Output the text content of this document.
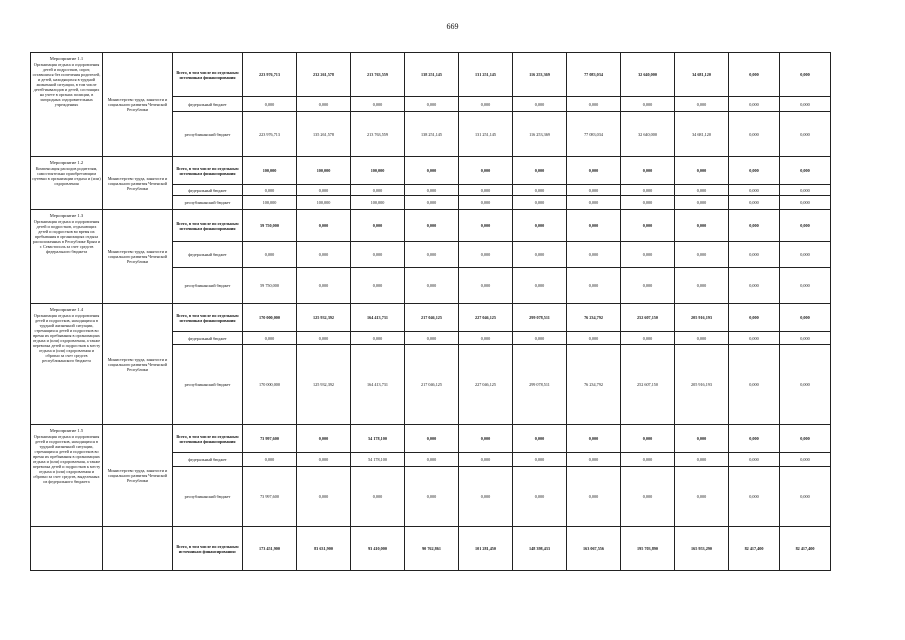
669
Мероприятие 1.1
Организация отдыха и оздоровления детей и подростков, сирот, оставшихся без попечения родителей, и детей, находящихся в трудной жизненной ситуации, в том числе детей-инвалидов и детей, состоящих на учете в органах полиции, в загородных оздоровительных учреждениях	Министерство труда, занятости и социального развития Чеченской Республики	Всего, в том числе по отдельным источникам финансирования	223 976,713	232 261,578	213 763,559	138 251,145	131 251,145	116 253,369	77 083,034	32 640,000	34 681,120	0,000	0,000
		федеральный бюджет	0,000	0,000	0,000	0,000	0,000	0,000	0,000	0,000	0,000	0,000	0,000
		республиканский бюджет	223 976,713	135 261,578	213 763,559	138 251,145	131 251,145	116 253,369	77 083,034	32 640,000	34 681,120	0,000	0,000

Мероприятие 1.2
Компенсация расходов родителям, самостоятельно приобретающим путевки в организации отдыха и (или) оздоровления	Министерство труда, занятости и социального развития Чеченской Республики	Всего, в том числе по отдельным источникам финансирования	100,000	100,000	100,000	0,000	0,000	0,000	0,000	0,000	0,000	0,000	0,000
		федеральный бюджет	0,000	0,000	0,000	0,000	0,000	0,000	0,000	0,000	0,000	0,000	0,000
		республиканский бюджет	100,000	100,000	100,000	0,000	0,000	0,000	0,000	0,000	0,000	0,000	0,000

Мероприятие 1.3
Организация отдыха и оздоровления детей и подростков, отдыхающих детей и подростков во время их пребывания в организациях отдыха расположенных в Республике Крым и г. Севастополь за счет средств федерального бюджета	Министерство труда, занятости и социального развития Чеченской Республики	Всего, в том числе по отдельным источникам финансирования	59 750,000	0,000	0,000	0,000	0,000	0,000	0,000	0,000	0,000	0,000	0,000
		федеральный бюджет	0,000	0,000	0,000	0,000	0,000	0,000	0,000	0,000	0,000	0,000	0,000
		республиканский бюджет	59 750,000	0,000	0,000	0,000	0,000	0,000	0,000	0,000	0,000	0,000	0,000

Мероприятие 1.4
Организация отдыха и оздоровления детей и подростков, находящихся в трудной жизненной ситуации, стремящихся детей и подростков во время их пребывания в организациях отдыха и (или) оздоровления, а также перевозка детей и подростков к месту отдыха и (или) оздоровления и обратно за счет средств республиканского бюджета	Министерство труда, занятости и социального развития Чеченской Республики	Всего, в том числе по отдельным источникам финансирования	170 000,000	125 932,392	164 413,731	217 046,125	227 046,125	299 078,511	76 234,792	252 607,150	205 916,193	0,000	0,000
		федеральный бюджет	0,000	0,000	0,000	0,000	0,000	0,000	0,000	0,000	0,000	0,000	0,000
		республиканский бюджет	170 000,000	125 932,392	164 413,731	217 046,125	227 046,125	299 078,511	76 234,792	252 607,150	205 916,193	0,000	0,000

Мероприятие 1.5
Организация отдыха и оздоровления детей и подростков, находящихся в трудной жизненной ситуации, стремящихся детей и подростков во время их пребывания в организациях отдыха и (или) оздоровления, а также перевозка детей и подростков к месту отдыха и (или) оздоровления и обратно за счет средств, выделенных из федерального бюджета	Министерство труда, занятости и социального развития Чеченской Республики	Всего, в том числе по отдельным источникам финансирования	73 997,600	0,000	54 178,100	0,000	0,000	0,000	0,000	0,000	0,000	0,000	0,000
		федеральный бюджет	0,000	0,000	54 178,100	0,000	0,000	0,000	0,000	0,000	0,000	0,000	0,000
		республиканский бюджет	73 997,600	0,000	0,000	0,000	0,000	0,000	0,000	0,000	0,000	0,000	0,000
		Всего, в том числе по отдельным источникам финансирования:	173 451,900	83 631,900	93 410,000	90 762,861	101 281,450	148 398,433	163 067,556	195 703,890	165 953,290	82 417,400	82 417,400
